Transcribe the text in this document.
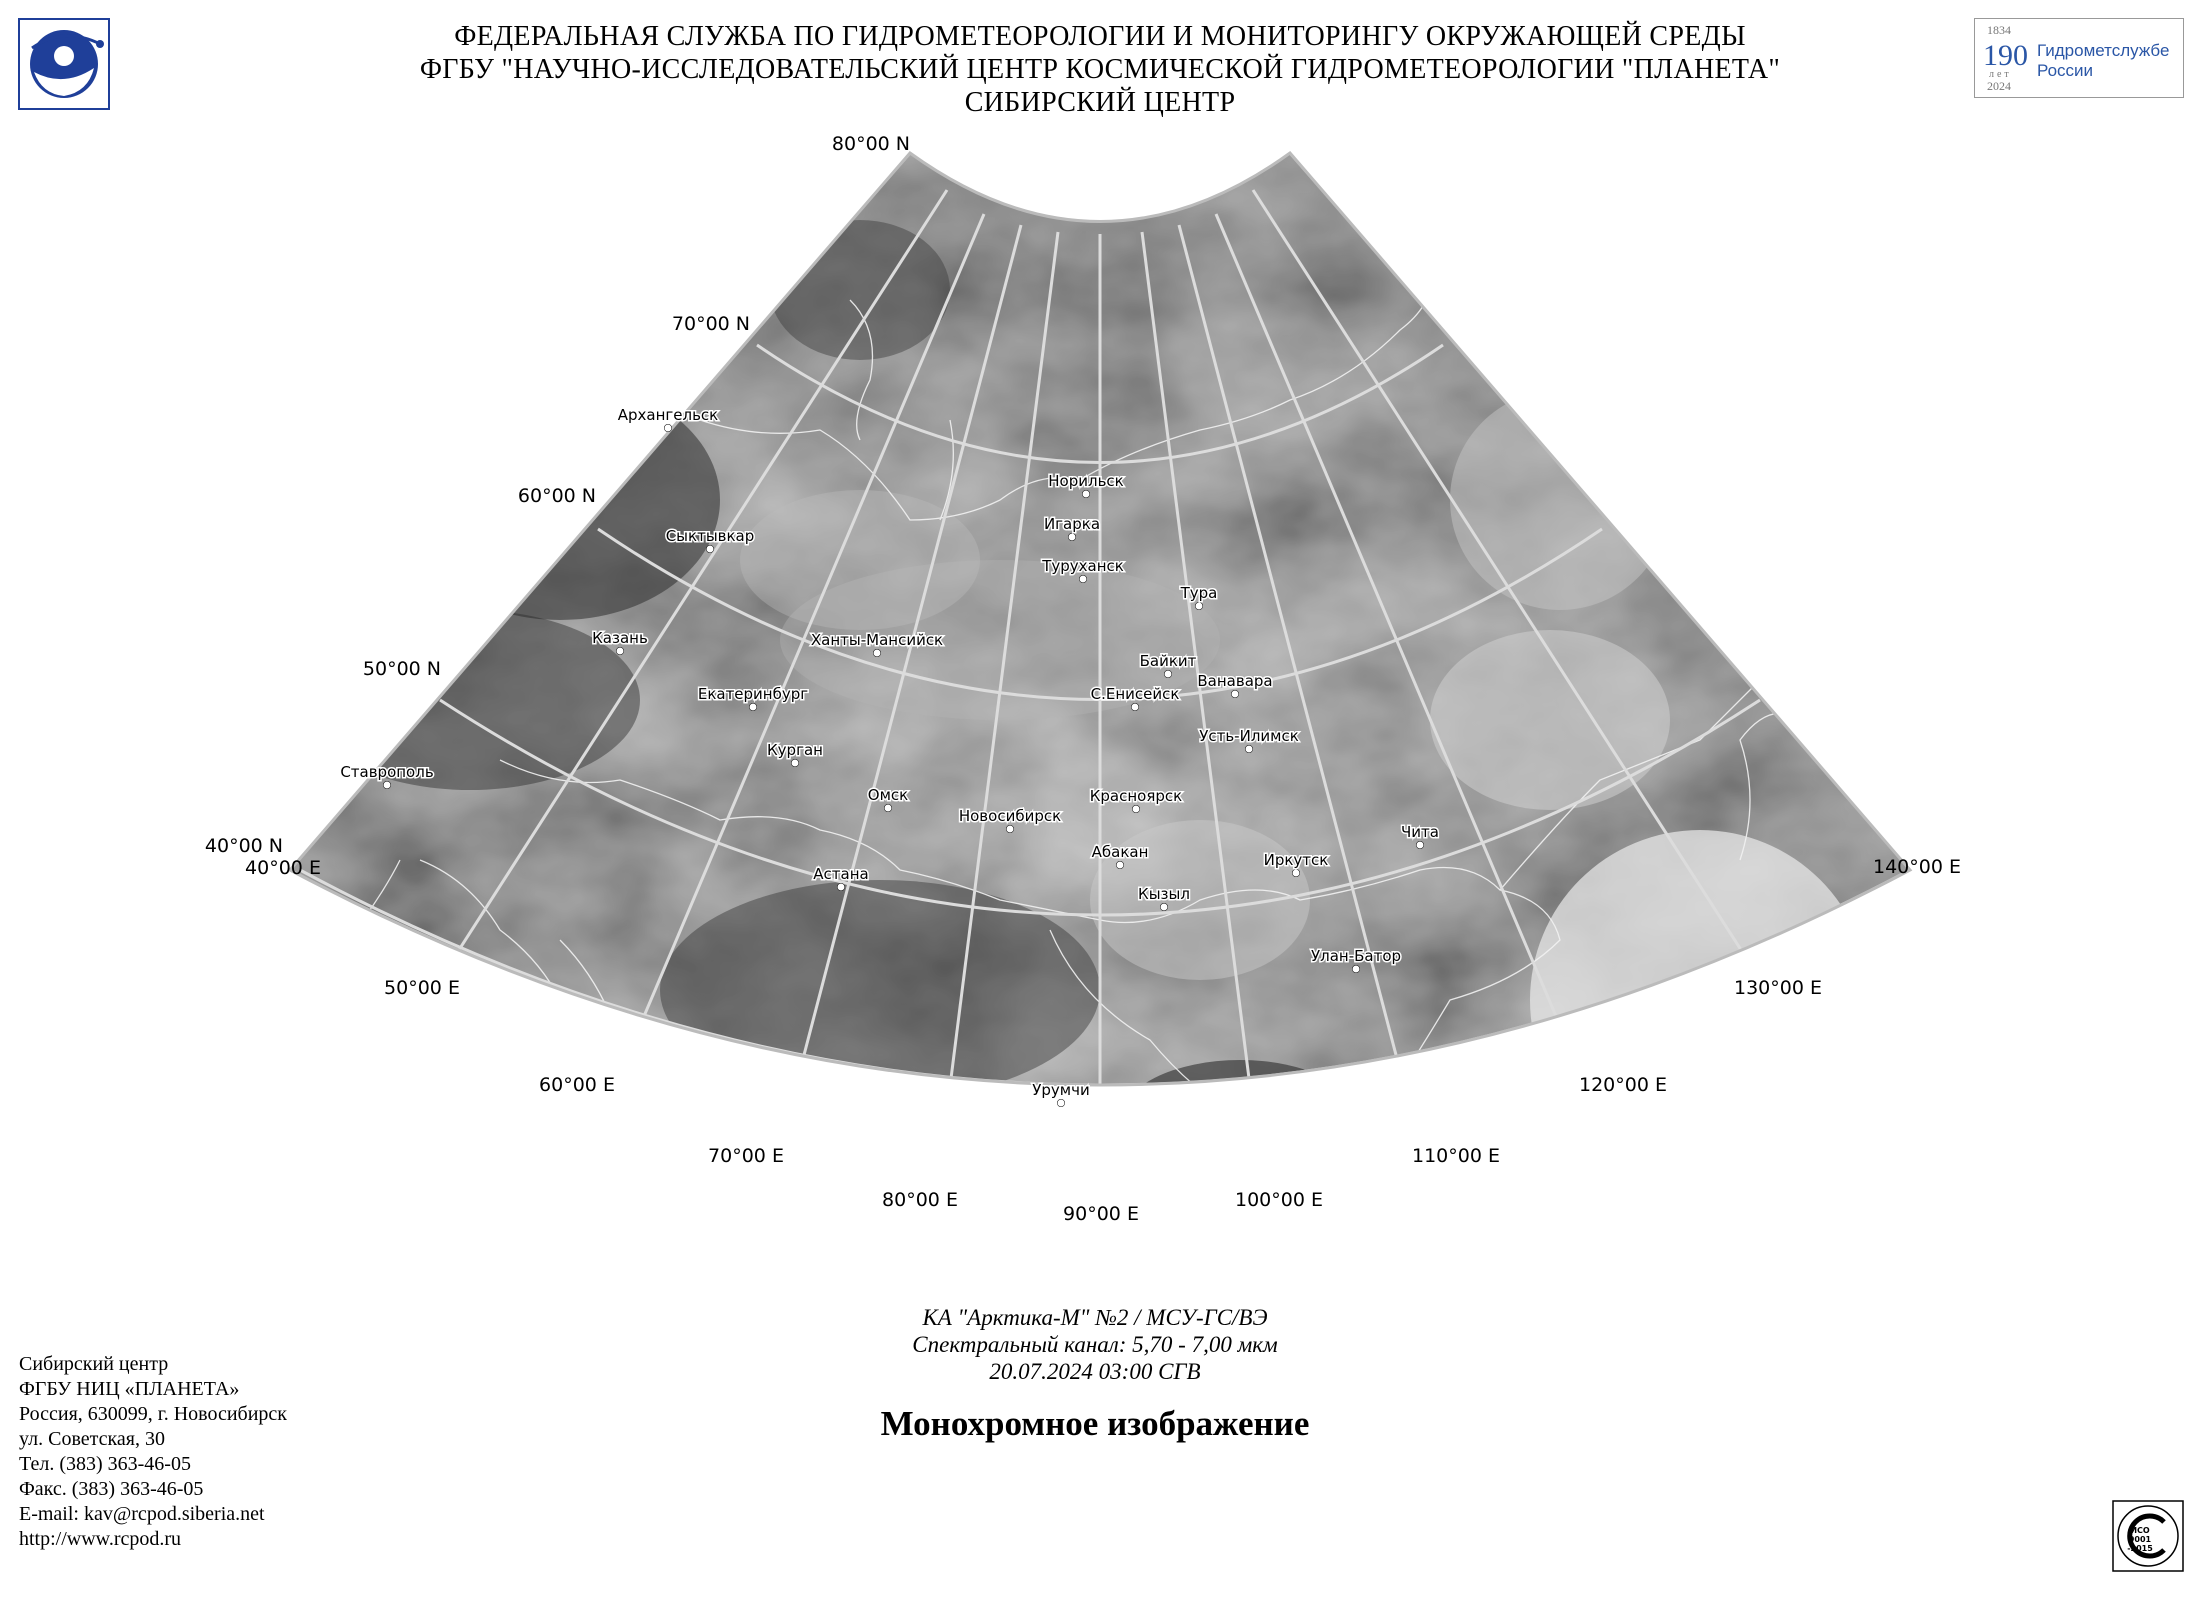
ФЕДЕРАЛЬНАЯ СЛУЖБА ПО ГИДРОМЕТЕОРОЛОГИИ И МОНИТОРИНГУ ОКРУЖАЮЩЕЙ СРЕДЫ
ФГБУ "НАУЧНО-ИССЛЕДОВАТЕЛЬСКИЙ ЦЕНТР КОСМИЧЕСКОЙ ГИДРОМЕТЕОРОЛОГИИ "ПЛАНЕТА"
СИБИРСКИЙ ЦЕНТР
1834
190
лет
2024
Гидрометслужбе
России
80°00 N
70°00 N
60°00 N
50°00 N
40°00 N
40°00 E
50°00 E
60°00 E
70°00 E
80°00 E
90°00 E
100°00 E
110°00 E
120°00 E
130°00 E
140°00 E
Архангельск
Норильск
Игарка
Туруханск
Сыктывкар
Тура
Казань	Ханты-Мансийск
Байкит
Ванавара
Екатеринбург	С.Енисейск
Усть-Илимск
Курган
Ставрополь
Омск	Красноярск
Новосибирск
Чита
Абакан	Иркутск
Астана
Кызыл
Улан-Батор
Урумчи
КА "Арктика-М" №2 / МСУ-ГС/ВЭ
Спектральный канал: 5,70 - 7,00 мкм
20.07.2024 03:00 СГВ
Монохромное изображение
Сибирский центр
ФГБУ НИЦ «ПЛАНЕТА»
Россия, 630099, г. Новосибирск
ул. Советская, 30
Тел. (383) 363-46-05
Факс. (383) 363-46-05
E-mail: kav@rcpod.siberia.net
http://www.rcpod.ru	ИСО
9001
-2015
